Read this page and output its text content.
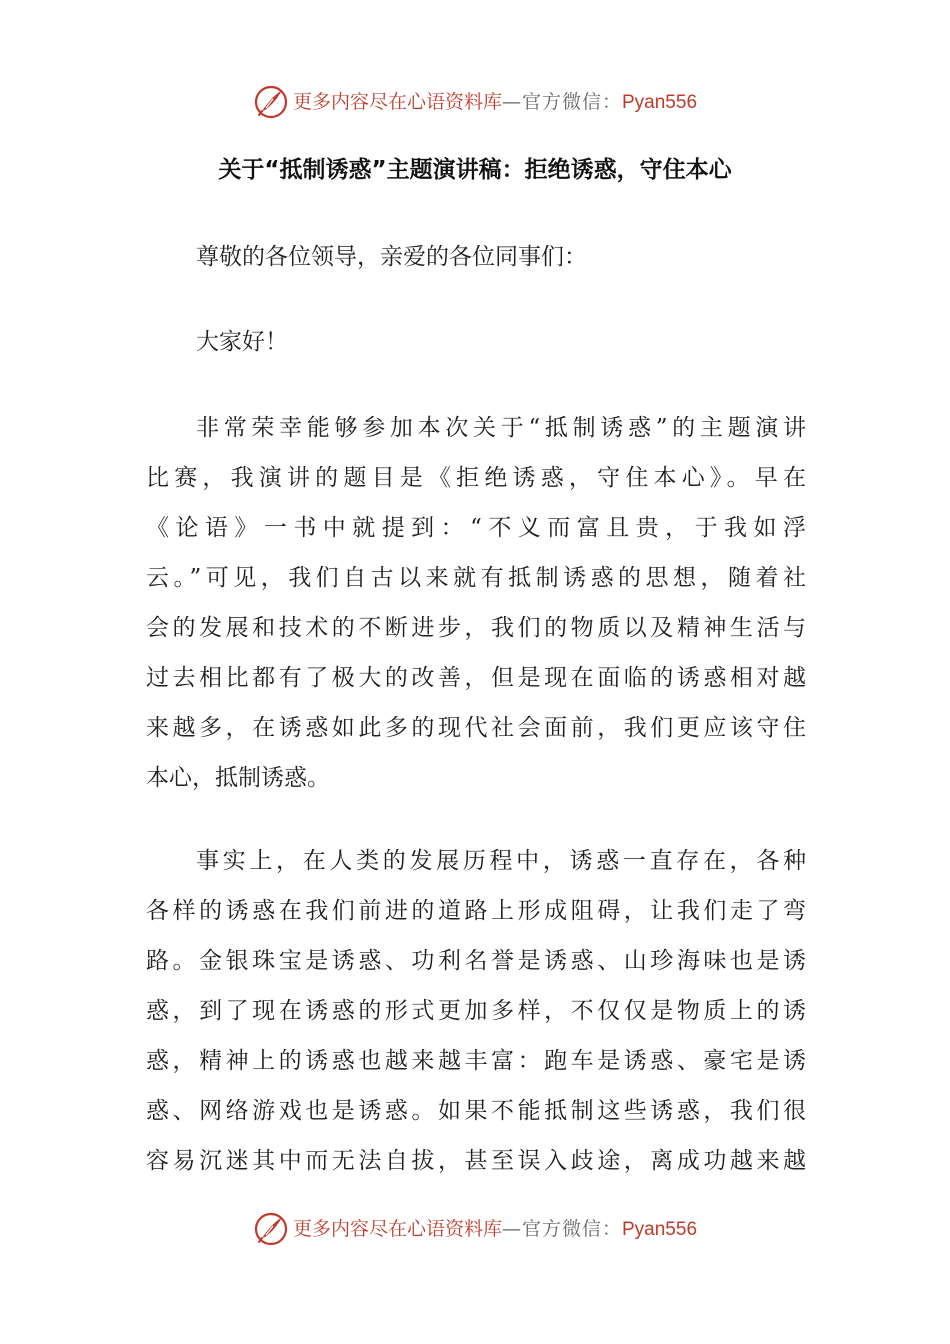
更多内容尽在心语资料库—官方微信：Pyan556
关于“抵制诱惑”主题演讲稿：拒绝诱惑，守住本心
尊敬的各位领导，亲爱的各位同事们：
大家好！
非常荣幸能够参加本次关于“抵制诱惑”的主题演讲
比赛，我演讲的题目是《拒绝诱惑，守住本心》。早在
《论语》一书中就提到：“不义而富且贵，于我如浮
云。”可见，我们自古以来就有抵制诱惑的思想，随着社
会的发展和技术的不断进步，我们的物质以及精神生活与
过去相比都有了极大的改善，但是现在面临的诱惑相对越
来越多，在诱惑如此多的现代社会面前，我们更应该守住
本心，抵制诱惑。
事实上，在人类的发展历程中，诱惑一直存在，各种
各样的诱惑在我们前进的道路上形成阻碍，让我们走了弯
路。金银珠宝是诱惑、功利名誉是诱惑、山珍海味也是诱
惑，到了现在诱惑的形式更加多样，不仅仅是物质上的诱
惑，精神上的诱惑也越来越丰富：跑车是诱惑、豪宅是诱
惑、网络游戏也是诱惑。如果不能抵制这些诱惑，我们很
容易沉迷其中而无法自拔，甚至误入歧途，离成功越来越
更多内容尽在心语资料库—官方微信：Pyan556
